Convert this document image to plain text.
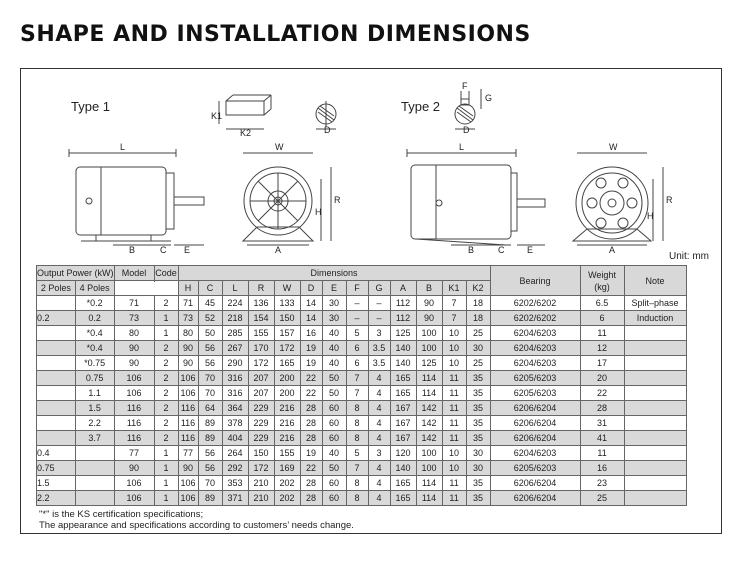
SHAPE AND INSTALLATION DIMENSIONS
Type 1	Type 2
K1
K2	D
F
G
D
L
B	C E
W
A
H
R
L
B	C	E
W
A
H
R
Unit: mm
Output Power (kW)		Model	Code	Dimensions													Bearing	Weight (kg)	Note
2 Poles	4 Poles			H	C	L	R	W	D	E	F	G	A	B	K1	K2			

	*0.2	71	2	71	45	224	136	133	14	30	–	–	112	90	7	18	6202/6202	6.5	Split–phase
0.2	0.2	73	1	73	52	218	154	150	14	30	–	–	112	90	7	18	6202/6202	6	Induction
	*0.4	80	1	80	50	285	155	157	16	40	5	3	125	100	10	25	6204/6203	11	
	*0.4	90	2	90	56	267	170	172	19	40	6	3.5	140	100	10	30	6204/6203	12	
	*0.75	90	2	90	56	290	172	165	19	40	6	3.5	140	125	10	25	6204/6203	17	
	0.75	106	2	106	70	316	207	200	22	50	7	4	165	114	11	35	6205/6203	20	
	1.1	106	2	106	70	316	207	200	22	50	7	4	165	114	11	35	6205/6203	22	
	1.5	116	2	116	64	364	229	216	28	60	8	4	167	142	11	35	6206/6204	28	
	2.2	116	2	116	89	378	229	216	28	60	8	4	167	142	11	35	6206/6204	31	
	3.7	116	2	116	89	404	229	216	28	60	8	4	167	142	11	35	6206/6204	41	
0.4		77	1	77	56	264	150	155	19	40	5	3	120	100	10	30	6204/6203	11	
0.75		90	1	90	56	292	172	169	22	50	7	4	140	100	10	30	6205/6203	16	
1.5		106	1	106	70	353	210	202	28	60	8	4	165	114	11	35	6206/6204	23	
2.2		106	1	106	89	371	210	202	28	60	8	4	165	114	11	35	6206/6204	25	
"*" is the KS certification specifications;
The appearance and specifications according to customers’ needs change.
